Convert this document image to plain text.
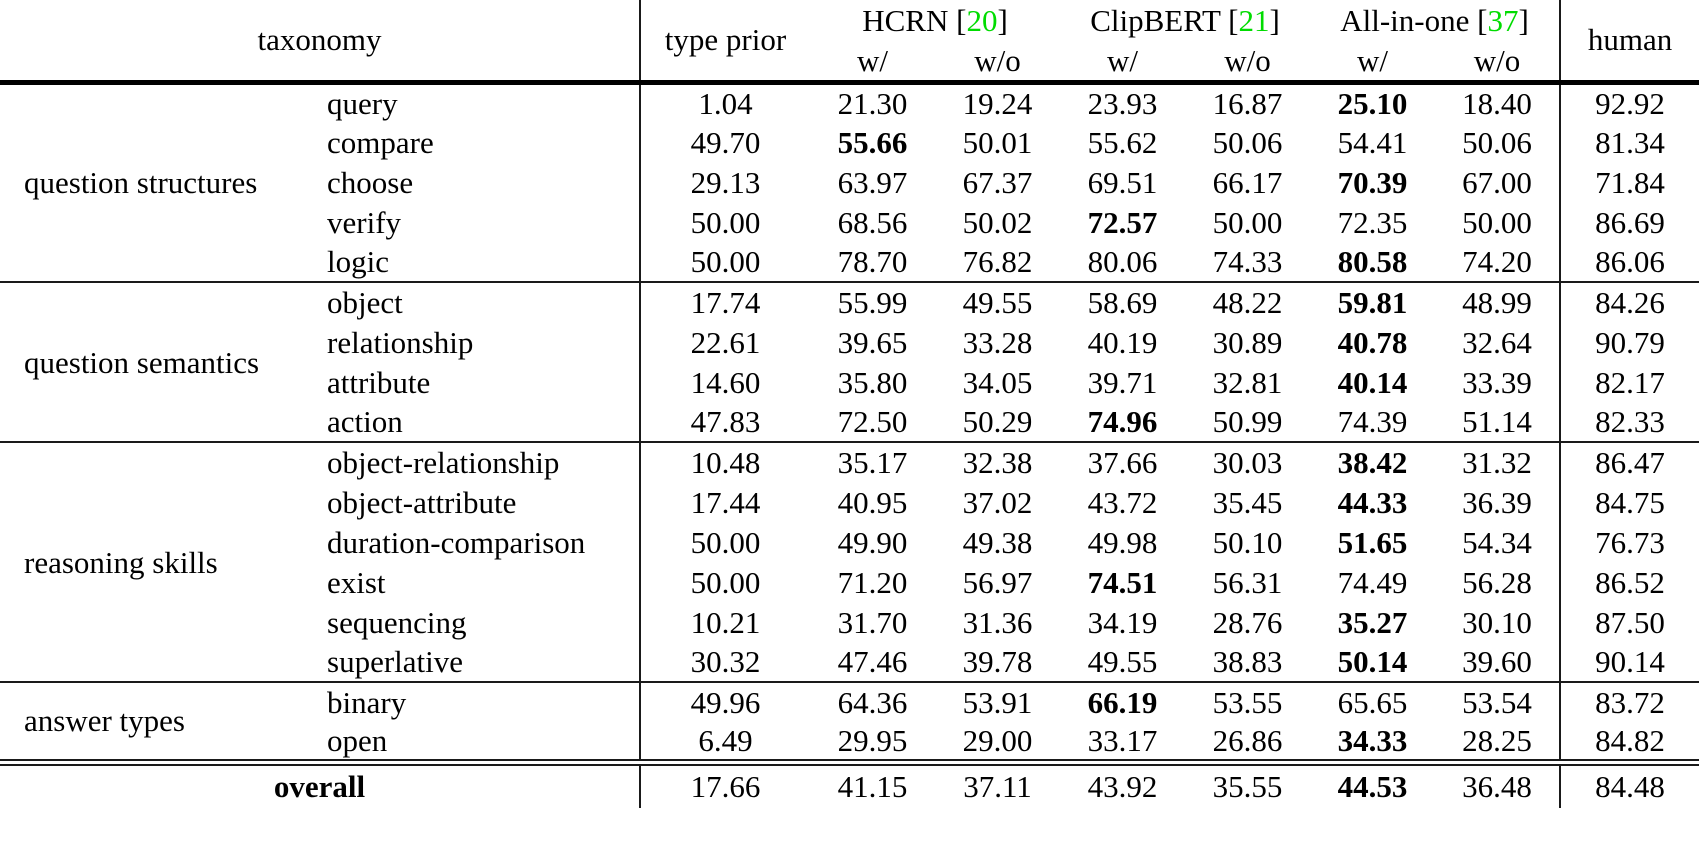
taxonomy		type prior	HCRN [20]		ClipBERT [21]		All-in-one [37]		human
			w/	w/o	w/	w/o	w/	w/o	
question structures	query	1.04	21.30	19.24	23.93	16.87	25.10	18.40	92.92
	compare	49.70	55.66	50.01	55.62	50.06	54.41	50.06	81.34
	choose	29.13	63.97	67.37	69.51	66.17	70.39	67.00	71.84
	verify	50.00	68.56	50.02	72.57	50.00	72.35	50.00	86.69
	logic	50.00	78.70	76.82	80.06	74.33	80.58	74.20	86.06
question semantics	object	17.74	55.99	49.55	58.69	48.22	59.81	48.99	84.26
	relationship	22.61	39.65	33.28	40.19	30.89	40.78	32.64	90.79
	attribute	14.60	35.80	34.05	39.71	32.81	40.14	33.39	82.17
	action	47.83	72.50	50.29	74.96	50.99	74.39	51.14	82.33
reasoning skills	object-relationship	10.48	35.17	32.38	37.66	30.03	38.42	31.32	86.47
	object-attribute	17.44	40.95	37.02	43.72	35.45	44.33	36.39	84.75
	duration-comparison	50.00	49.90	49.38	49.98	50.10	51.65	54.34	76.73
	exist	50.00	71.20	56.97	74.51	56.31	74.49	56.28	86.52
	sequencing	10.21	31.70	31.36	34.19	28.76	35.27	30.10	87.50
	superlative	30.32	47.46	39.78	49.55	38.83	50.14	39.60	90.14
answer types	binary	49.96	64.36	53.91	66.19	53.55	65.65	53.54	83.72
	open	6.49	29.95	29.00	33.17	26.86	34.33	28.25	84.82
overall		17.66	41.15	37.11	43.92	35.55	44.53	36.48	84.48
